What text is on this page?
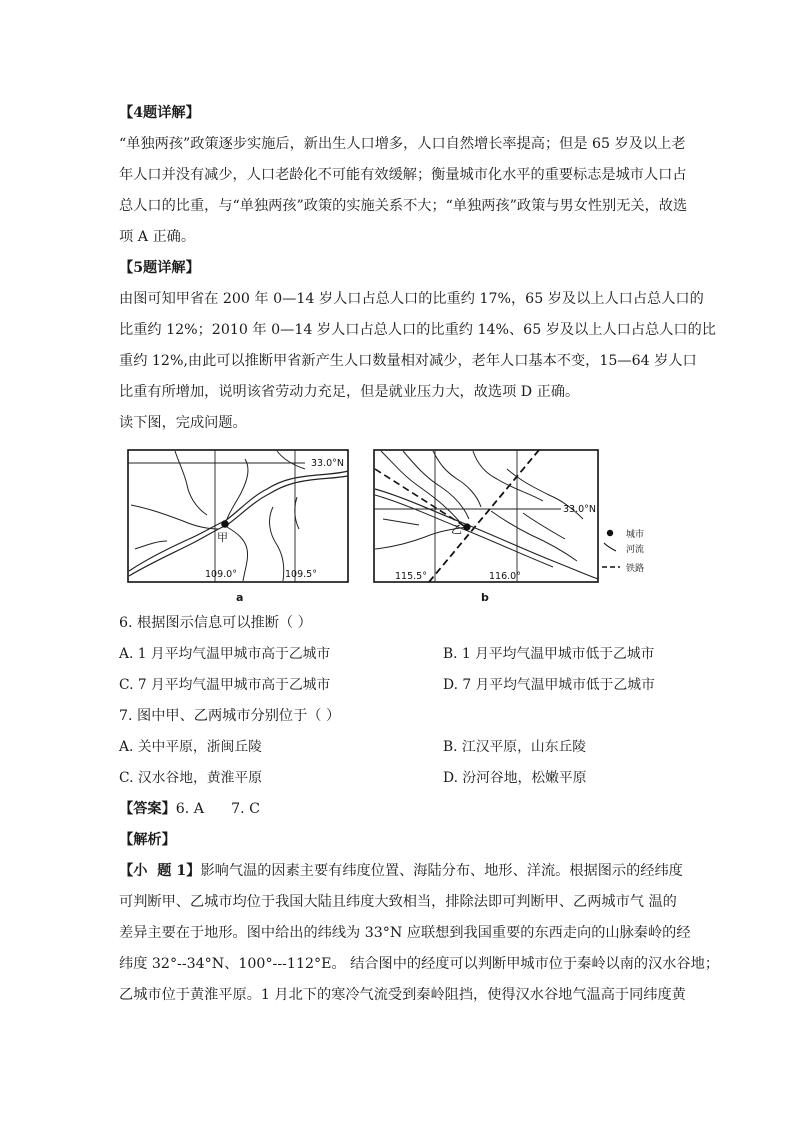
【4题详解】
“单独两孩”政策逐步实施后，新出生人口增多，人口自然增长率提高；但是 65 岁及以上老
年人口并没有减少，人口老龄化不可能有效缓解；衡量城市化水平的重要标志是城市人口占
总人口的比重，与“单独两孩”政策的实施关系不大；“单独两孩”政策与男女性别无关，故选
项 A 正确。
【5题详解】
由图可知甲省在 200 年 0—14 岁人口占总人口的比重约 17%，65 岁及以上人口占总人口的
比重约 12%；2010 年 0—14 岁人口占总人口的比重约 14%、65 岁及以上人口占总人口的比
重约 12%,由此可以推断甲省新产生人口数量相对减少，老年人口基本不变，15—64 岁人口
比重有所增加，说明该省劳动力充足，但是就业压力大，故选项 D 正确。
读下图，完成问题。
33.0°N
甲
109.0°	109.5°
a
33.0°N
乙
115.5°	116.0°
b
城市
河流
铁路
6. 根据图示信息可以推断（ ）
A. 1 月平均气温甲城市高于乙城市	B. 1 月平均气温甲城市低于乙城市
C. 7 月平均气温甲城市高于乙城市	D. 7 月平均气温甲城市低于乙城市
7. 图中甲、乙两城市分别位于（ ）
A. 关中平原，浙闽丘陵	B. 江汉平原，山东丘陵
C. 汉水谷地，黄淮平原	D. 汾河谷地，松嫩平原
【答案】6. A      7. C
【解析】
【小  题 1】影响气温的因素主要有纬度位置、海陆分布、地形、洋流。根据图示的经纬度
可判断甲、乙城市均位于我国大陆且纬度大致相当，排除法即可判断甲、乙两城市气 温的
差异主要在于地形。图中给出的纬线为 33°N 应联想到我国重要的东西走向的山脉秦岭的经
纬度 32°--34°N、100°---112°E。 结合图中的经度可以判断甲城市位于秦岭以南的汉水谷地；
乙城市位于黄淮平原。1 月北下的寒冷气流受到秦岭阻挡，使得汉水谷地气温高于同纬度黄
